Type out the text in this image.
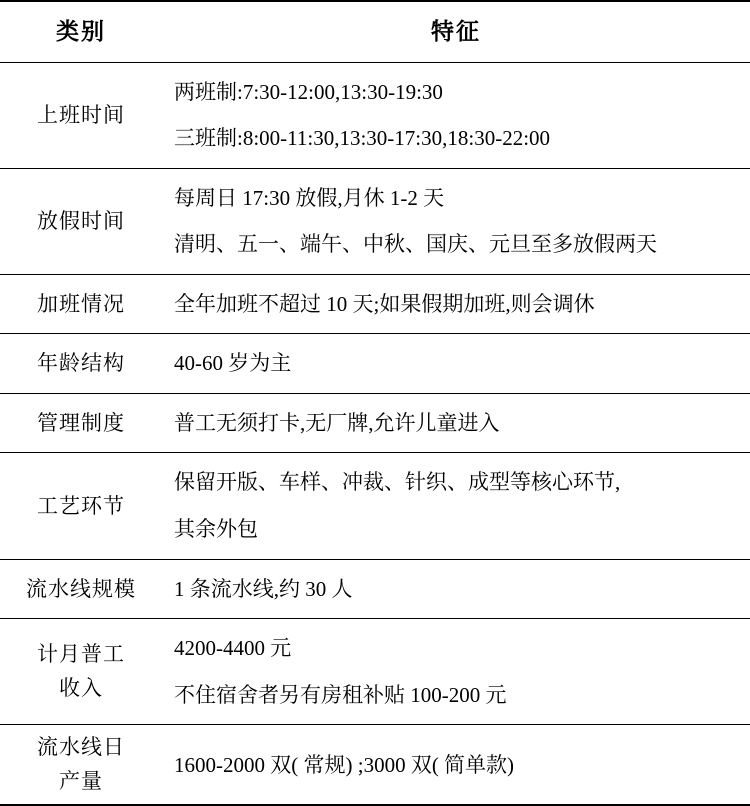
类别	特征
上班时间	两班制:7:30-12:00,13:30-19:30
三班制:8:00-11:30,13:30-17:30,18:30-22:00

放假时间	每周日 17:30 放假,月休 1-2 天
清明、五一、端午、中秋、国庆、元旦至多放假两天

加班情况	全年加班不超过 10 天;如果假期加班,则会调休

年龄结构	40-60 岁为主

管理制度	普工无须打卡,无厂牌,允许儿童进入

工艺环节	保留开版、车样、冲裁、针织、成型等核心环节,
其余外包

流水线规模	1 条流水线,约 30 人

计月普工
收入	4200-4400 元
不住宿舍者另有房租补贴 100-200 元

流水线日
产量	1600-2000 双( 常规) ;3000 双( 简单款)
